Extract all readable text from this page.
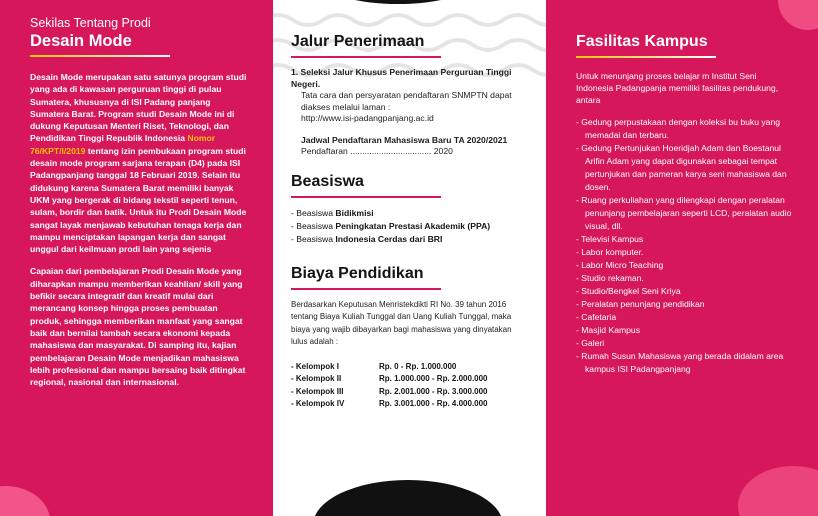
Sekilas Tentang Prodi

Desain Mode

Desain Mode merupakan satu satunya program studi yang ada di kawasan perguruan tinggi di pulau Sumatera, khususnya di ISI Padang panjang Sumatera Barat. Program studi Desain Mode ini di dukung Keputusan Menteri Riset, Teknologi, dan Pendidikan Tinggi Republik Indonesia Nomor 76/KPT/I/2019 tentang izin pembukaan program studi desain mode program sarjana terapan (D4) pada ISI Padangpanjang tanggal 18 Februari 2019. Selain itu didukung karena Sumatera Barat memiliki banyak UKM yang bergerak di bidang tekstil seperti tenun, sulam, bordir dan batik. Untuk itu Prodi Desain Mode sangat layak menjawab kebutuhan tenaga kerja dan mampu menciptakan lapangan kerja dan sangat unggul dari keilmuan prodi lain yang sejenis

Capaian dari pembelajaran Prodi Desain Mode yang diharapkan mampu memberikan keahlian/ skill yang befikir secara integratif dan kreatif mulai dari merancang konsep hingga proses pembuatan produk, sehingga memberikan manfaat yang sangat baik dan bernilai tambah secara ekonomi kepada mahasiswa dan masyarakat. Di samping itu, kajian pembelajaran Desain Mode menjadikan mahasiswa lebih profesional dan mampu bersaing baik ditingkat regional, nasional dan internasional.

Jalur Penerimaan
1. Seleksi Jalur Khusus Penerimaan Perguruan Tinggi Negeri.
Tata cara dan persyaratan pendaftaran SNMPTN dapat diakses melalui laman :
http://www.isi-padangpanjang.ac.id
Jadwal Pendaftaran Mahasiswa Baru TA 2020/2021
Pendaftaran .................................. 2020
Beasiswa
- Beasiswa Bidikmisi
- Beasiswa Peningkatan Prestasi Akademik (PPA)
- Beasiswa Indonesia Cerdas dari BRI
Biaya Pendidikan
Berdasarkan Keputusan Menristekdikti RI No. 39 tahun 2016 tentang Biaya Kuliah Tunggal dan Uang Kuliah Tunggal, maka biaya yang wajib dibayarkan bagi mahasiswa yang dinyatakan lulus adalah :
- Kelompok I	Rp. 0 - Rp. 1.000.000
- Kelompok II	Rp. 1.000.000 - Rp. 2.000.000
- Kelompok III	Rp. 2.001.000 - Rp. 3.000.000
- Kelompok IV	Rp. 3.001.000 - Rp. 4.000.000
Fasilitas Kampus

Untuk menunjang proses belajar m Institut Seni Indonesia Padangpanja memiliki fasilitas pendukung, antara

- Gedung perpustakaan dengan koleksi bu buku yang memadai dan terbaru.
- Gedung Pertunjukan Hoeridjah Adam dan Boestanul Arifin Adam yang dapat digunakan sebagai tempat pertunjukan dan pameran karya seni mahasiswa dan dosen.
- Ruang perkuliahan yang dilengkapi dengan peralatan penunjang pembelajaran seperti LCD, peralatan audio visual, dll.
- Televisi Kampus
- Labor komputer.
- Labor Micro Teaching
- Studio rekaman.
- Studio/Bengkel Seni Kriya
- Peralatan penunjang pendidikan
- Cafetaria
- Masjid Kampus
- Galeri
- Rumah Susun Mahasiswa yang berada didalam area kampus ISI Padangpanjang
